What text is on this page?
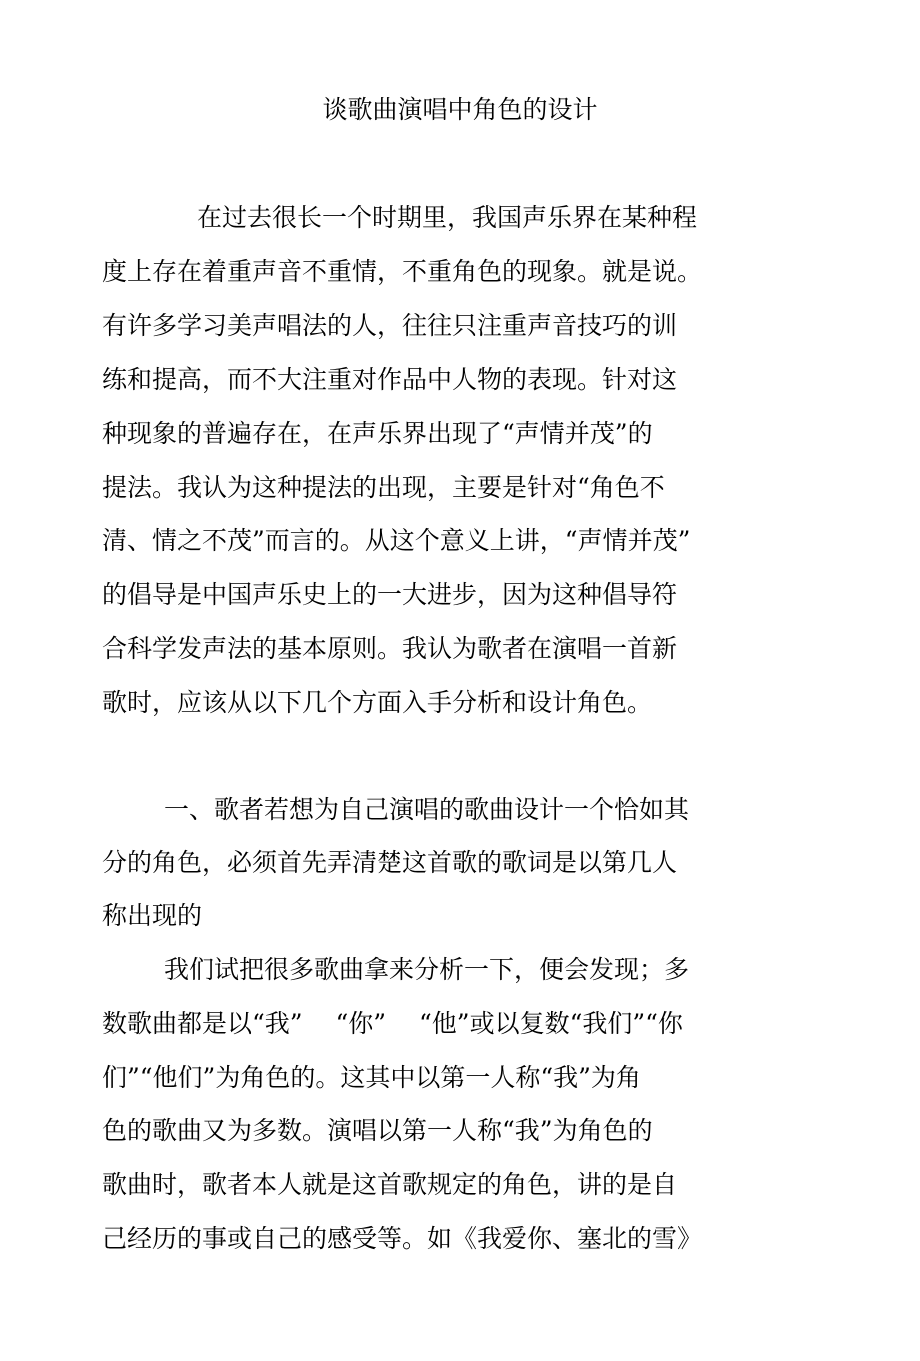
谈歌曲演唱中角色的设计
在过去很长一个时期里，我国声乐界在某种程
度上存在着重声音不重情，不重角色的现象。就是说。
有许多学习美声唱法的人，往往只注重声音技巧的训
练和提高，而不大注重对作品中人物的表现。针对这
种现象的普遍存在，在声乐界出现了“声情并茂”的
提法。我认为这种提法的出现，主要是针对“角色不
清、情之不茂”而言的。从这个意义上讲，“声情并茂”
的倡导是中国声乐史上的一大进步，因为这种倡导符
合科学发声法的基本原则。我认为歌者在演唱一首新
歌时，应该从以下几个方面入手分析和设计角色。
一、歌者若想为自己演唱的歌曲设计一个恰如其
分的角色，必须首先弄清楚这首歌的歌词是以第几人
称出现的
我们试把很多歌曲拿来分析一下，便会发现；多
数歌曲都是以“我”　 “你”　 “他”或以复数“我们”“你
们”“他们”为角色的。这其中以第一人称“我”为角
色的歌曲又为多数。演唱以第一人称“我”为角色的
歌曲时，歌者本人就是这首歌规定的角色，讲的是自
己经历的事或自己的感受等。如《我爱你、塞北的雪》
